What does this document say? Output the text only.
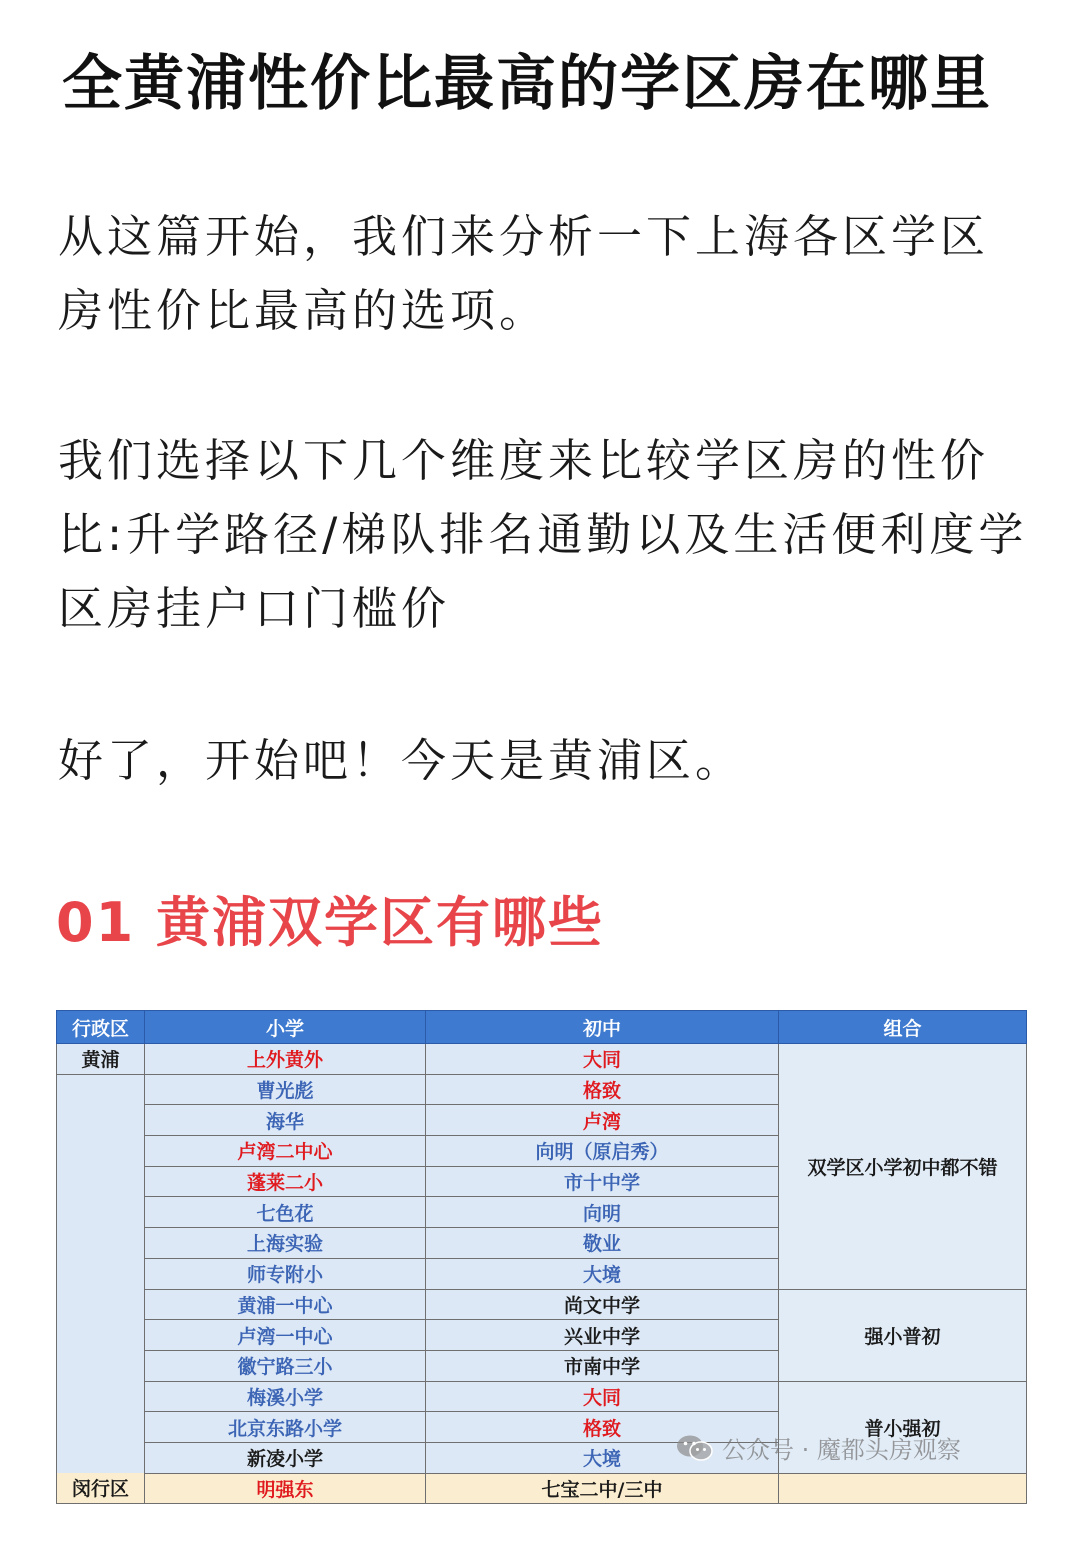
全黄浦性价比最高的学区房在哪里
从这篇开始，我们来分析一下上海各区学区房性价比最高的选项。
我们选择以下几个维度来比较学区房的性价比:升学路径/梯队排名通勤以及生活便利度学区房挂户口门槛价
好了，开始吧！今天是黄浦区。
01 黄浦双学区有哪些
行政区	小学	初中	组合
黄浦	上外黄外	大同	双学区小学初中都不错
	曹光彪	格致	
	海华	卢湾	
	卢湾二中心	向明（原启秀）	
	蓬莱二小	市十中学	
	七色花	向明	
	上海实验	敬业	
	师专附小	大境	
	黄浦一中心	尚文中学	强小普初
	卢湾一中心	兴业中学	
	徽宁路三小	市南中学	
	梅溪小学	大同	普小强初
	北京东路小学	格致	
	新凌小学	大境	
闵行区	明强东	七宝二中/三中	
公众号 · 魔都头房观察
